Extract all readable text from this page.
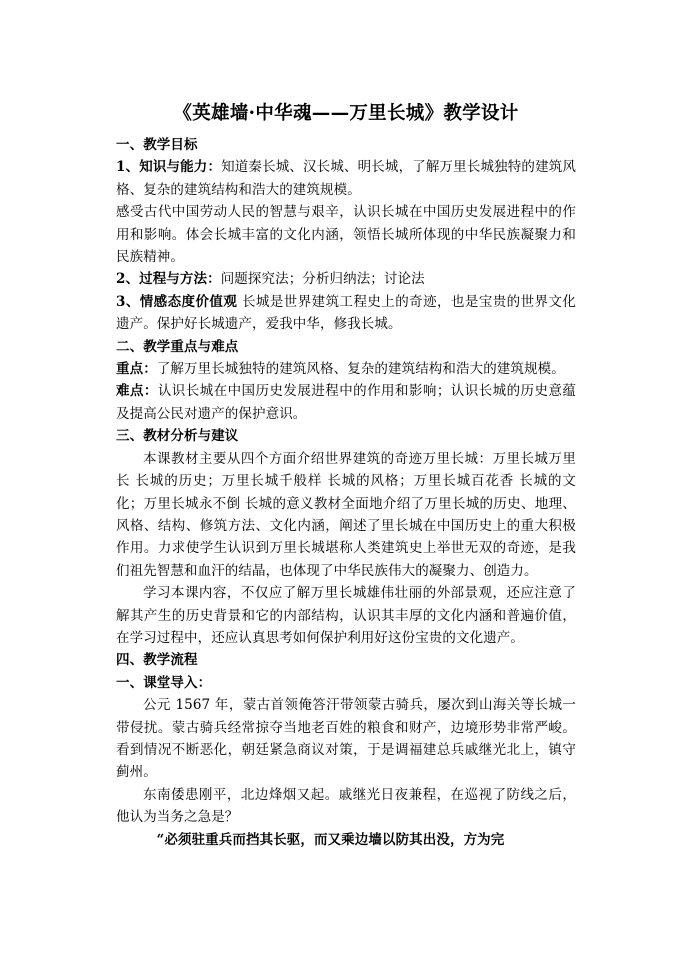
《英雄墙·中华魂——万里长城》教学设计

一、教学目标

1、知识与能力：知道秦长城、汉长城、明长城，了解万里长城独特的建筑风格、复杂的建筑结构和浩大的建筑规模。

感受古代中国劳动人民的智慧与艰辛，认识长城在中国历史发展进程中的作用和影响。体会长城丰富的文化内涵，领悟长城所体现的中华民族凝聚力和民族精神。

2、过程与方法：问题探究法；分析归纳法；讨论法

3、情感态度价值观 长城是世界建筑工程史上的奇迹，也是宝贵的世界文化遗产。保护好长城遗产，爱我中华，修我长城。

二、教学重点与难点

重点：了解万里长城独特的建筑风格、复杂的建筑结构和浩大的建筑规模。

难点：认识长城在中国历史发展进程中的作用和影响；认识长城的历史意蕴及提高公民对遗产的保护意识。

三、教材分析与建议

本课教材主要从四个方面介绍世界建筑的奇迹万里长城：万里长城万里长 长城的历史；万里长城千般样 长城的风格；万里长城百花香 长城的文化；万里长城永不倒 长城的意义教材全面地介绍了万里长城的历史、地理、风格、结构、修筑方法、文化内涵，阐述了里长城在中国历史上的重大积极作用。力求使学生认识到万里长城堪称人类建筑史上举世无双的奇迹，是我们祖先智慧和血汗的结晶，也体现了中华民族伟大的凝聚力、创造力。

学习本课内容，不仅应了解万里长城雄伟壮丽的外部景观，还应注意了解其产生的历史背景和它的内部结构，认识其丰厚的文化内涵和普遍价值，在学习过程中，还应认真思考如何保护利用好这份宝贵的文化遗产。

四、教学流程

一、课堂导入：

公元 1567 年，蒙古首领俺答汗带领蒙古骑兵，屡次到山海关等长城一带侵扰。蒙古骑兵经常掠夺当地老百姓的粮食和财产，边境形势非常严峻。看到情况不断恶化，朝廷紧急商议对策，于是调福建总兵戚继光北上，镇守蓟州。

东南倭患刚平，北边烽烟又起。戚继光日夜兼程，在巡视了防线之后，他认为当务之急是？

“必须驻重兵而挡其长驱，而又乘边墙以防其出没，方为完
